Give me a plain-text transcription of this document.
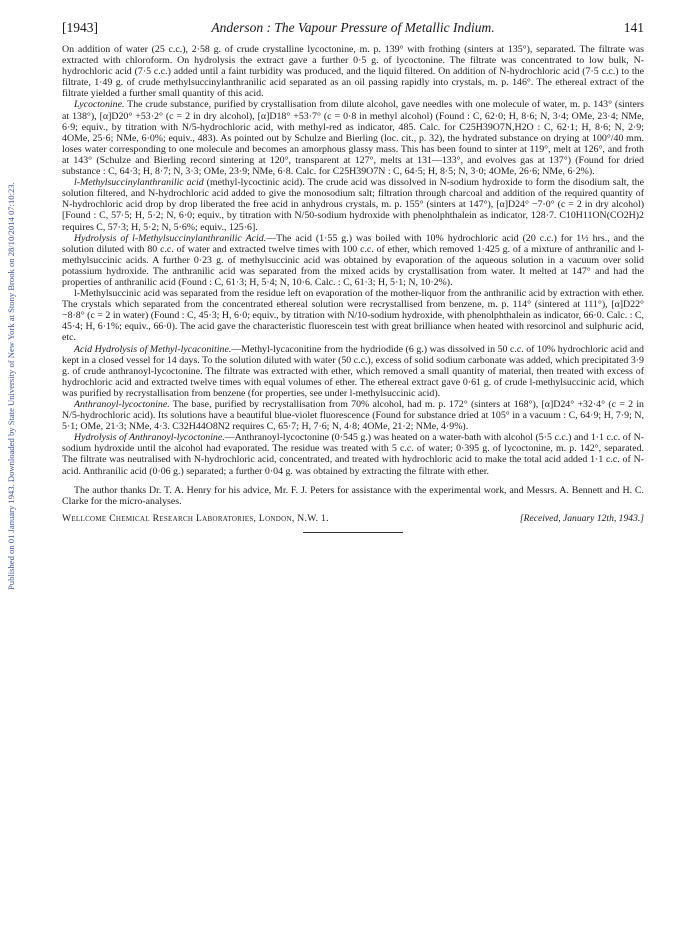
Published on 01 January 1943. Downloaded by State University of New York at Stony Brook on 28/10/2014 07:10:23.
[1943]	Anderson : The Vapour Pressure of Metallic Indium.	141

On addition of water (25 c.c.), 2·58 g. of crude crystalline lycoctonine, m. p. 139° with frothing (sinters at 135°), separated. The filtrate was extracted with chloroform. On hydrolysis the extract gave a further 0·5 g. of lycoctonine. The filtrate was concentrated to low bulk, N-hydrochloric acid (7·5 c.c.) added until a faint turbidity was produced, and the liquid filtered. On addition of N-hydrochloric acid (7·5 c.c.) to the filtrate, 1·49 g. of crude methylsuccinylanthranilic acid separated as an oil passing rapidly into crystals, m. p. 146°. The ethereal extract of the filtrate yielded a further small quantity of this acid.

Lycoctonine. The crude substance, purified by crystallisation from dilute alcohol, gave needles with one molecule of water, m. p. 143° (sinters at 138°), [α]D20° +53·2° (c = 2 in dry alcohol), [α]D18° +53·7° (c = 0·8 in methyl alcohol) (Found : C, 62·0; H, 8·6; N, 3·4; OMe, 23·4; NMe, 6·9; equiv., by titration with N/5-hydrochloric acid, with methyl-red as indicator, 485. Calc. for C25H39O7N,H2O : C, 62·1; H, 8·6; N, 2·9; 4OMe, 25·6; NMe, 6·0%; equiv., 483). As pointed out by Schulze and Bierling (loc. cit., p. 32), the hydrated substance on drying at 100°/40 mm. loses water corresponding to one molecule and becomes an amorphous glassy mass. This has been found to sinter at 119°, melt at 126°, and froth at 143° (Schulze and Bierling record sintering at 120°, transparent at 127°, melts at 131—133°, and evolves gas at 137°) (Found for dried substance : C, 64·3; H, 8·7; N, 3·3; OMe, 23·9; NMe, 6·8. Calc. for C25H39O7N : C, 64·5; H, 8·5; N, 3·0; 4OMe, 26·6; NMe, 6·2%).

l-Methylsuccinylanthranilic acid (methyl-lycoctinic acid). The crude acid was dissolved in N-sodium hydroxide to form the disodium salt, the solution filtered, and N-hydrochloric acid added to give the monosodium salt; filtration through charcoal and addition of the required quantity of N-hydrochloric acid drop by drop liberated the free acid in anhydrous crystals, m. p. 155° (sinters at 147°), [α]D24° −7·0° (c = 2 in dry alcohol) [Found : C, 57·5; H, 5·2; N, 6·0; equiv., by titration with N/50-sodium hydroxide with phenolphthalein as indicator, 128·7. C10H11ON(CO2H)2 requires C, 57·3; H, 5·2; N, 5·6%; equiv., 125·6].

Hydrolysis of l-Methylsuccinylanthranilic Acid.—The acid (1·55 g.) was boiled with 10% hydrochloric acid (20 c.c.) for 1½ hrs., and the solution diluted with 80 c.c. of water and extracted twelve times with 100 c.c. of ether, which removed 1·425 g. of a mixture of anthranilic and l-methylsuccinic acids. A further 0·23 g. of methylsuccinic acid was obtained by evaporation of the aqueous solution in a vacuum over solid potassium hydroxide. The anthranilic acid was separated from the mixed acids by crystallisation from water. It melted at 147° and had the properties of anthranilic acid (Found : C, 61·3; H, 5·4; N, 10·6. Calc. : C, 61·3; H, 5·1; N, 10·2%).

l-Methylsuccinic acid was separated from the residue left on evaporation of the mother-liquor from the anthranilic acid by extraction with ether. The crystals which separated from the concentrated ethereal solution were recrystallised from benzene, m. p. 114° (sintered at 111°), [α]D22° −8·8° (c = 2 in water) (Found : C, 45·3; H, 6·0; equiv., by titration with N/10-sodium hydroxide, with phenolphthalein as indicator, 66·0. Calc. : C, 45·4; H, 6·1%; equiv., 66·0). The acid gave the characteristic fluorescein test with great brilliance when heated with resorcinol and sulphuric acid, etc.

Acid Hydrolysis of Methyl-lycaconitine.—Methyl-lycaconitine from the hydriodide (6 g.) was dissolved in 50 c.c. of 10% hydrochloric acid and kept in a closed vessel for 14 days. To the solution diluted with water (50 c.c.), excess of solid sodium carbonate was added, which precipitated 3·9 g. of crude anthranoyl-lycoctonine. The filtrate was extracted with ether, which removed a small quantity of material, then treated with excess of hydrochloric acid and extracted twelve times with equal volumes of ether. The ethereal extract gave 0·61 g. of crude l-methylsuccinic acid, which was purified by recrystallisation from benzene (for properties, see under l-methylsuccinic acid).

Anthranoyl-lycoctonine. The base, purified by recrystallisation from 70% alcohol, had m. p. 172° (sinters at 168°), [α]D24° +32·4° (c = 2 in N/5-hydrochloric acid). Its solutions have a beautiful blue-violet fluorescence (Found for substance dried at 105° in a vacuum : C, 64·9; H, 7·9; N, 5·1; OMe, 21·3; NMe, 4·3. C32H44O8N2 requires C, 65·7; H, 7·6; N, 4·8; 4OMe, 21·2; NMe, 4·9%).

Hydrolysis of Anthranoyl-lycoctonine.—Anthranoyl-lycoctonine (0·545 g.) was heated on a water-bath with alcohol (5·5 c.c.) and 1·1 c.c. of N-sodium hydroxide until the alcohol had evaporated. The residue was treated with 5 c.c. of water; 0·395 g. of lycoctonine, m. p. 142°, separated. The filtrate was neutralised with N-hydrochloric acid, concentrated, and treated with hydrochloric acid to make the total acid added 1·1 c.c. of N-acid. Anthranilic acid (0·06 g.) separated; a further 0·04 g. was obtained by extracting the filtrate with ether.

The author thanks Dr. T. A. Henry for his advice, Mr. F. J. Peters for assistance with the experimental work, and Messrs. A. Bennett and H. C. Clarke for the micro-analyses.

Wellcome Chemical Research Laboratories, London, N.W. 1.	[Received, January 12th, 1943.]
